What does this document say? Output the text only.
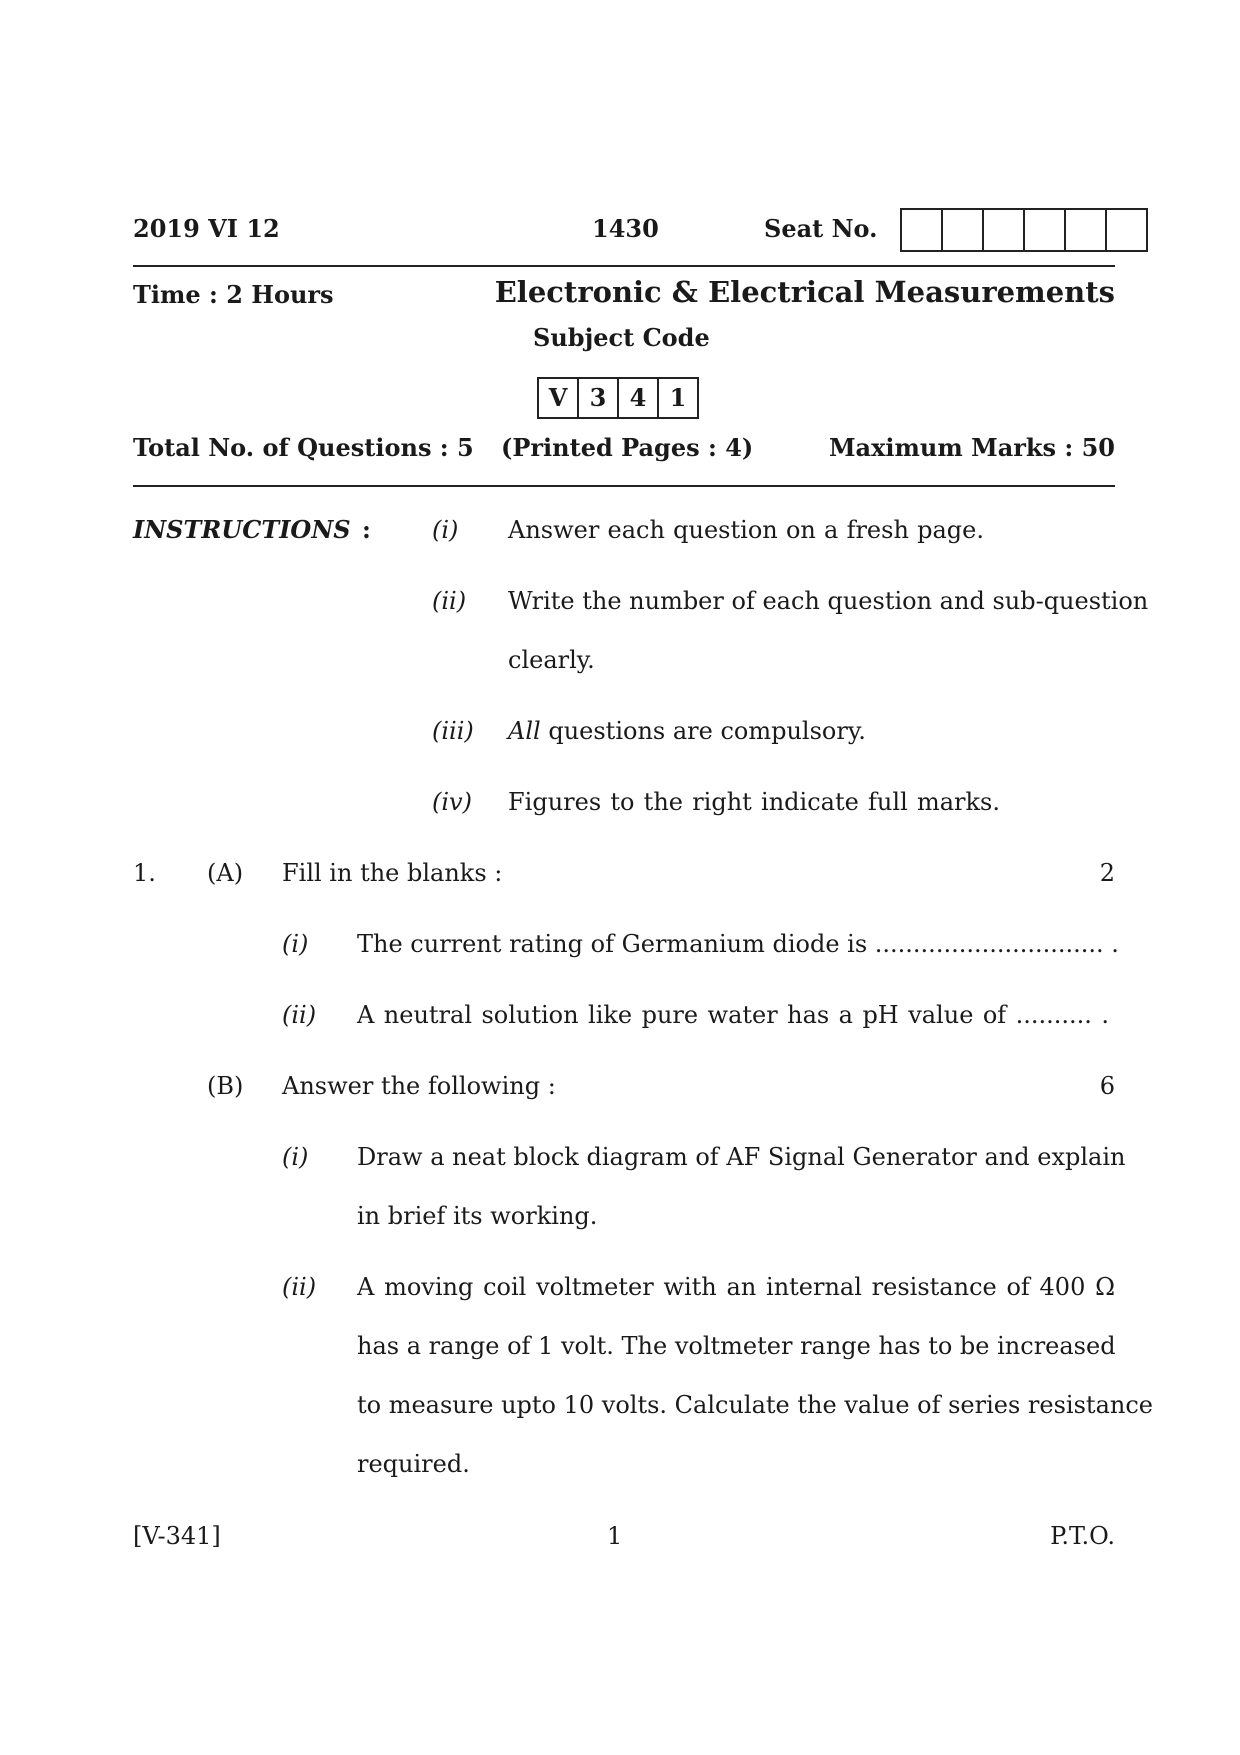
2019 VI 12	1430	Seat No.
Time : 2 Hours	Electronic & Electrical Measurements
Subject Code
V 3 4 1
Total No. of Questions : 5 (Printed Pages : 4)	Maximum Marks : 50
INSTRUCTIONS :	(i) Answer each question on a fresh page.
(ii) Write the number of each question and sub-question
clearly.
(iii) All questions are compulsory.
(iv) Figures to the right indicate full marks.
1. (A) Fill in the blanks :	2
(i) The current rating of Germanium diode is .............................. .
(ii) A neutral solution like pure water has a pH value of .......... .
(B) Answer the following :	6
(i) Draw a neat block diagram of AF Signal Generator and explain
in brief its working.
(ii) A moving coil voltmeter with an internal resistance of 400 Ω
has a range of 1 volt. The voltmeter range has to be increased
to measure upto 10 volts. Calculate the value of series resistance
required.
[V-341]	1	P.T.O.
